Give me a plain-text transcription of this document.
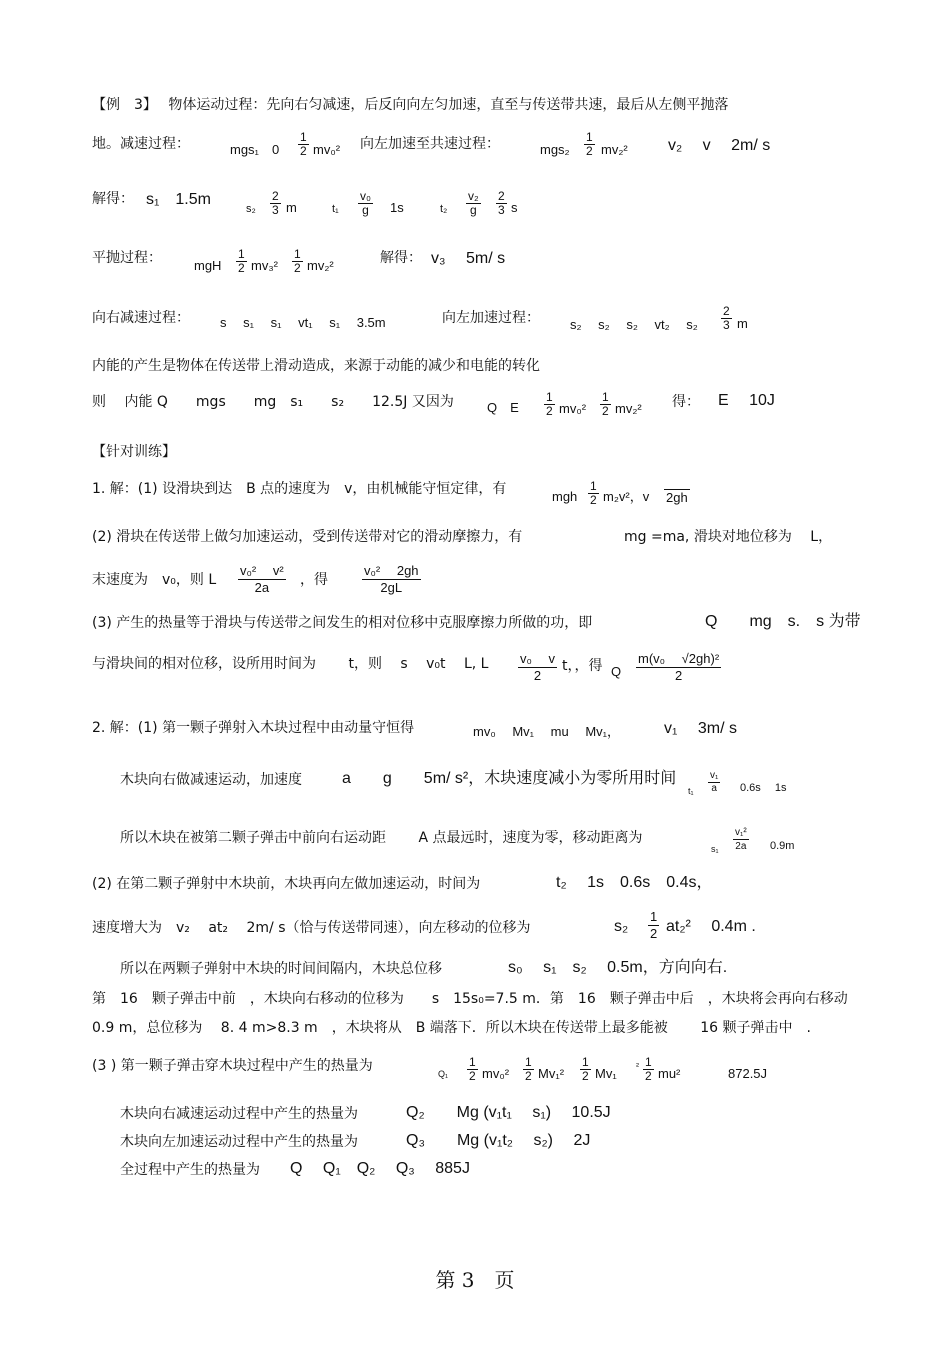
【例　3】　 物体运动过程：先向右匀减速，后反向向左匀加速，直至与传送带共速，最后从左侧平抛落
地。减速过程：	mgs₁　$0 \frac{1}{2} mv_0^2$ 向左加速至共速过程：	$mgs_2 \frac{1}{2} mv_2^2$	v₂　 v　 2m/ s
解得： s₁　1.5m
$s_2 \frac{2}{3}$ m	$t_1 \frac{\text{v₀}}{g} 1s$	$t_2 \frac{\text{v₂}}{g} \frac{2}{3}$ s
平抛过程： mgH $\frac{1}{2} mv_3^2 \frac{1}{2} mv_2^2$	解得： v₃　 5m/ s
向右减速过程： s　 s₁　 s₁　 vt₁　 s₁　 3.5m	向左加速过程： s₂　 s₂　 s₂　 vt₂　 $s_2 \frac{2}{3}$ m
内能的产生是物体在传送带上滑动造成，来源于动能的减少和电能的转化
则　 内能 Q　　mgs　　mg　s₁　　s₂　　12.5J 又因为	Q　E $\frac{1}{2} mv_0^2 \frac{1}{2} mv_2^2$ 得： E　 10J
【针对训练】
1. 解：(1) 设滑块到达　B 点的速度为　v，由机械能守恒定律，有	mgh $\frac{1}{2} m_2v^2$，v 2gh
(2) 滑块在传送带上做匀加速运动，受到传送带对它的滑动摩擦力，有	mg =ma, 滑块对地位移为　 L，
末速度为　v₀，则 L $\frac{\text{v₀²　 v²}}{2a}$ ，得	$\frac{\text{v₀²　 2gh}}{2gL}$
(3) 产生的热量等于滑块与传送带之间发生的相对位移中克服摩擦力所做的功，即	Q　　mg　s.　s 为带
与滑块间的相对位移，设所用时间为　　 t，则　 s　 v₀t　 L, L $\frac{\text{v₀　 v}}{2}$ t，，得 Q $\frac{\text{m(v₀　 √2gh)²}}{2}$
2. 解：(1) 第一颗子弹射入木块过程中由动量守恒得	mv₀　 Mv₁　 mu　 Mv₁，	v₁　 3m/ s
木块向右做减速运动，加速度	a　　g　　5m/ s²，木块速度减小为零所用时间
$t_1 \frac{\text{v₁}}{a} 0.6s$　 1s
所以木块在被第二颗子弹击中前向右运动距　　 A 点最远时，速度为零，移动距离为
$s_1 \frac{\text{v₁²}}{2a} 0.9m$
(2) 在第二颗子弹射中木块前，木块再向左做加速运动，时间为	t₂　 1s　0.6s　0.4s，
速度增大为　v₂　 at₂　 2m/ s（恰与传送带同速），向左移动的位移为	$s_2 \frac{1}{2} at_2^2$　 0.4m .
所以在两颗子弹射中木块的时间间隔内，木块总位移	s₀　 s₁　s₂　 0.5m，方向向右.
第　16　颗子弹击中前　，木块向右移动的位移为　　s　15s₀=7.5 m．第　16　颗子弹击中后　，木块将会再向右移动
0.9 m，总位移为　 8. 4 m>8.3 m　，木块将从　B 端落下．所以木块在传送带上最多能被　　 16 颗子弹击中　.
(3 ) 第一颗子弹击穿木块过程中产生的热量为	$Q_1 \frac{1}{2} mv_0^2 \frac{1}{2} Mv_1^2 \frac{1}{2} Mv_1$ $^2 \frac{1}{2} mu^2$	872.5J
木块向右减速运动过程中产生的热量为	Q₂　　Mg (v₁t₁　 s₁)　 10.5J
木块向左加速运动过程中产生的热量为	Q₃　　Mg (v₁t₂　 s₂)　 2J
全过程中产生的热量为 Q　 Q₁　Q₂　 Q₃　 885J
第 3　页
